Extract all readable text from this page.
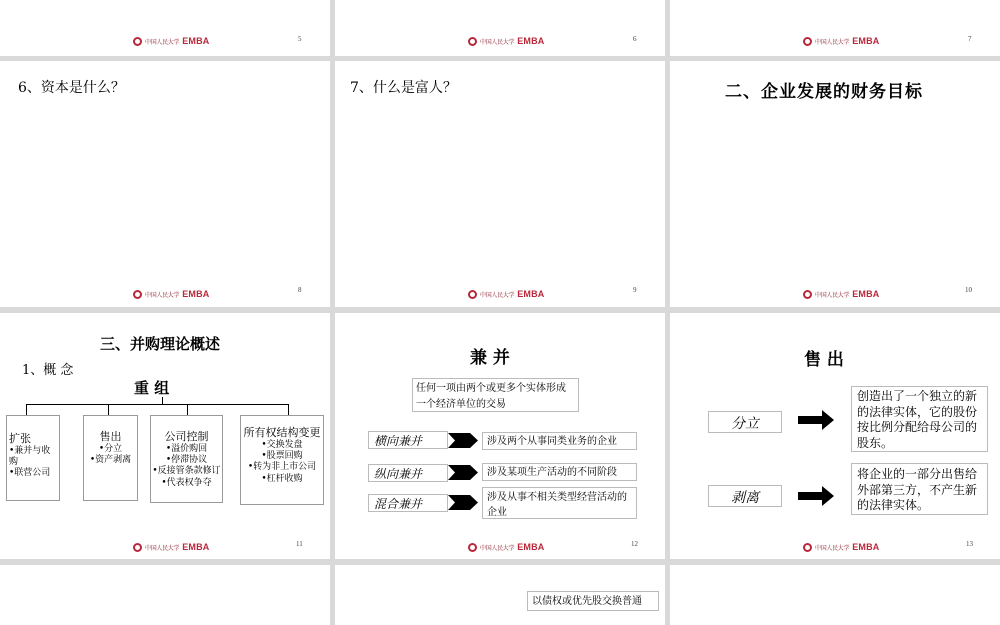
中国人民大学 EMBA	5	中国人民大学 EMBA	6	中国人民大学 EMBA	7
6、资本是什么？
中国人民大学 EMBA	8
7、什么是富人？
中国人民大学 EMBA	9
二、企业发展的财务目标
中国人民大学 EMBA	10
三、并购理论概述
1、概 念
重 组
扩张
•兼并与收购
•联营公司
售出
•分立
•资产剥离
公司控制
•溢价购回
•停滞协议
•反接管条款修订
•代表权争夺
所有权结构变更
•交换发盘
•股票回购
•转为非上市公司
•杠杆收购
中国人民大学 EMBA	11
兼 并
任何一项由两个或更多个实体形成一个经济单位的交易
横向兼并	涉及两个从事同类业务的企业
纵向兼并	涉及某项生产活动的不同阶段
混合兼并	涉及从事不相关类型经营活动的企业
中国人民大学 EMBA	12
售 出
分立
创造出了一个独立的新的法律实体，它的股份按比例分配给母公司的股东。
剥离
将企业的一部分出售给外部第三方，不产生新的法律实体。
中国人民大学 EMBA	13
以债权或优先股交换普通
